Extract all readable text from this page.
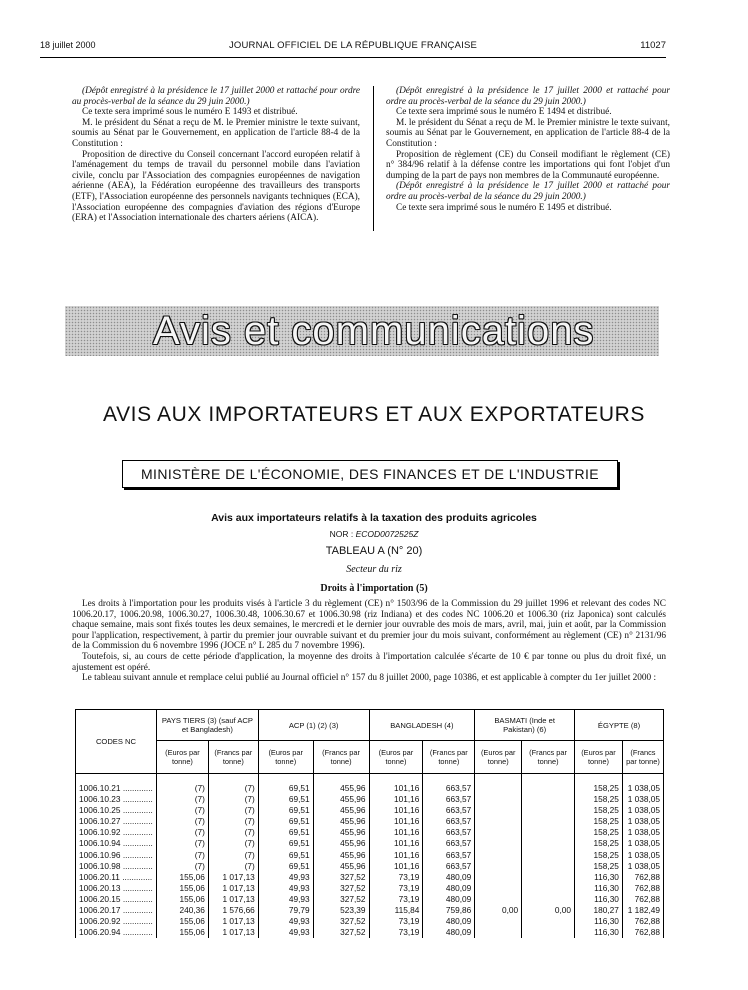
18 juillet 2000	JOURNAL OFFICIEL DE LA RÉPUBLIQUE FRANÇAISE	11027

(Dépôt enregistré à la présidence le 17 juillet 2000 et rattaché pour ordre au procès-verbal de la séance du 29 juin 2000.)

Ce texte sera imprimé sous le numéro E 1493 et distribué.

M. le président du Sénat a reçu de M. le Premier ministre le texte suivant, soumis au Sénat par le Gouvernement, en application de l'article 88-4 de la Constitution :

Proposition de directive du Conseil concernant l'accord européen relatif à l'aménagement du temps de travail du personnel mobile dans l'aviation civile, conclu par l'Association des compagnies européennes de navigation aérienne (AEA), la Fédération européenne des travailleurs des transports (ETF), l'Association européenne des personnels navigants techniques (ECA), l'Association européenne des compagnies d'aviation des régions d'Europe (ERA) et l'Association internationale des charters aériens (AICA).

(Dépôt enregistré à la présidence le 17 juillet 2000 et rattaché pour ordre au procès-verbal de la séance du 29 juin 2000.)

Ce texte sera imprimé sous le numéro E 1494 et distribué.

M. le président du Sénat a reçu de M. le Premier ministre le texte suivant, soumis au Sénat par le Gouvernement, en application de l'article 88-4 de la Constitution :

Proposition de règlement (CE) du Conseil modifiant le règlement (CE) n° 384/96 relatif à la défense contre les importations qui font l'objet d'un dumping de la part de pays non membres de la Communauté européenne.

(Dépôt enregistré à la présidence le 17 juillet 2000 et rattaché pour ordre au procès-verbal de la séance du 29 juin 2000.)

Ce texte sera imprimé sous le numéro E 1495 et distribué.

Avis et communications
AVIS AUX IMPORTATEURS ET AUX EXPORTATEURS
MINISTÈRE DE L'ÉCONOMIE, DES FINANCES ET DE L'INDUSTRIE
Avis aux importateurs relatifs à la taxation des produits agricoles
NOR : ECOD0072525Z
TABLEAU A (N° 20)
Secteur du riz
Droits à l'importation (5)

Les droits à l'importation pour les produits visés à l'article 3 du règlement (CE) n° 1503/96 de la Commission du 29 juillet 1996 et relevant des codes NC 1006.20.17, 1006.20.98, 1006.30.27, 1006.30.48, 1006.30.67 et 1006.30.98 (riz Indiana) et des codes NC 1006.20 et 1006.30 (riz Japonica) sont calculés chaque semaine, mais sont fixés toutes les deux semaines, le mercredi et le dernier jour ouvrable des mois de mars, avril, mai, juin et août, par la Commission pour l'application, respectivement, à partir du premier jour ouvrable suivant et du premier jour du mois suivant, conformément au règlement (CE) n° 2131/96 de la Commission du 6 novembre 1996 (JOCE n° L 285 du 7 novembre 1996).

Toutefois, si, au cours de cette période d'application, la moyenne des droits à l'importation calculée s'écarte de 10 € par tonne ou plus du droit fixé, un ajustement est opéré.

Le tableau suivant annule et remplace celui publié au Journal officiel n° 157 du 8 juillet 2000, page 10386, et est applicable à compter du 1er juillet 2000 :

CODES NC	PAYS TIERS (3) (sauf ACP et Bangladesh)		ACP (1) (2) (3)		BANGLADESH (4)		BASMATI (Inde et Pakistan) (6)		ÉGYPTE (8)	
	(Euros par tonne)	(Francs par tonne)	(Euros par tonne)	(Francs par tonne)	(Euros par tonne)	(Francs par tonne)	(Euros par tonne)	(Francs par tonne)	(Euros par tonne)	(Francs par tonne)
1006.10.21 .............	(7)	(7)	69,51	455,96	101,16	663,57			158,25	1 038,05
1006.10.23 .............	(7)	(7)	69,51	455,96	101,16	663,57			158,25	1 038,05
1006.10.25 .............	(7)	(7)	69,51	455,96	101,16	663,57			158,25	1 038,05
1006.10.27 .............	(7)	(7)	69,51	455,96	101,16	663,57			158,25	1 038,05
1006.10.92 .............	(7)	(7)	69,51	455,96	101,16	663,57			158,25	1 038,05
1006.10.94 .............	(7)	(7)	69,51	455,96	101,16	663,57			158,25	1 038,05
1006.10.96 .............	(7)	(7)	69,51	455,96	101,16	663,57			158,25	1 038,05
1006.10.98 .............	(7)	(7)	69,51	455,96	101,16	663,57			158,25	1 038,05
1006.20.11 .............	155,06	1 017,13	49,93	327,52	73,19	480,09			116,30	762,88
1006.20.13 .............	155,06	1 017,13	49,93	327,52	73,19	480,09			116,30	762,88
1006.20.15 .............	155,06	1 017,13	49,93	327,52	73,19	480,09			116,30	762,88
1006.20.17 .............	240,36	1 576,66	79,79	523,39	115,84	759,86	0,00	0,00	180,27	1 182,49
1006.20.92 .............	155,06	1 017,13	49,93	327,52	73,19	480,09			116,30	762,88
1006.20.94 .............	155,06	1 017,13	49,93	327,52	73,19	480,09			116,30	762,88
